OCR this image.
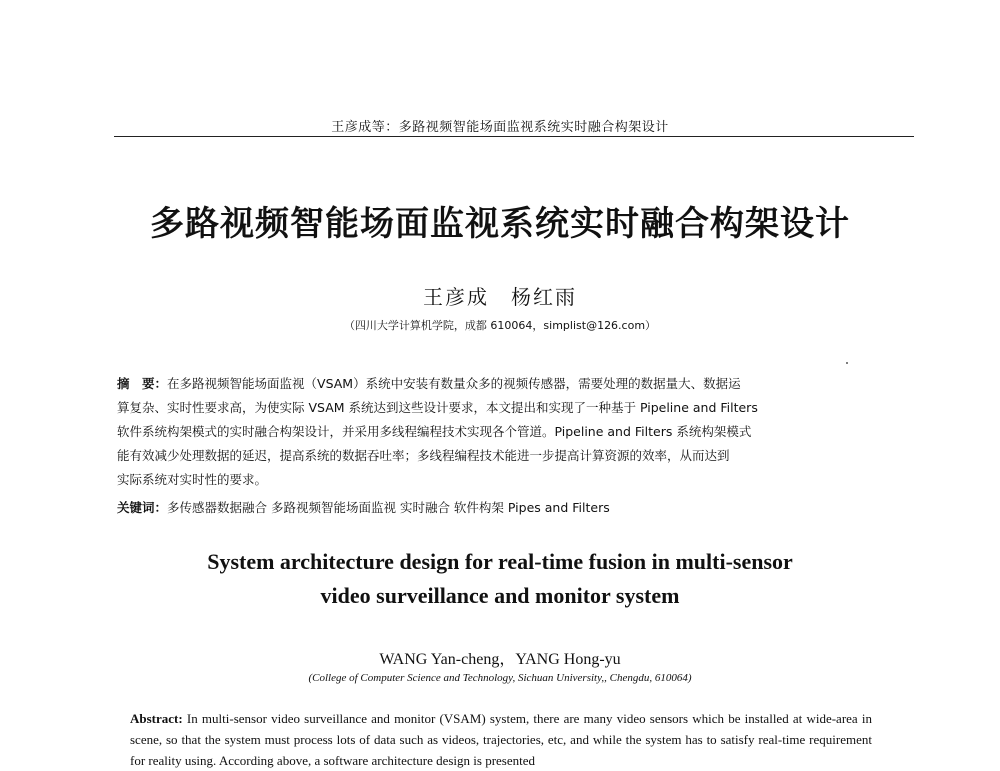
王彦成等：多路视频智能场面监视系统实时融合构架设计
多路视频智能场面监视系统实时融合构架设计
王彦成　杨红雨
（四川大学计算机学院，成都 610064，simplist@126.com）
摘　要：在多路视频智能场面监视（VSAM）系统中安装有数量众多的视频传感器，需要处理的数据量大、数据运
算复杂、实时性要求高，为使实际 VSAM 系统达到这些设计要求，本文提出和实现了一种基于 Pipeline and Filters
软件系统构架模式的实时融合构架设计，并采用多线程编程技术实现各个管道。Pipeline and Filters 系统构架模式
能有效减少处理数据的延迟，提高系统的数据吞吐率；多线程编程技术能进一步提高计算资源的效率，从而达到
实际系统对实时性的要求。
关键词：多传感器数据融合 多路视频智能场面监视 实时融合 软件构架 Pipes and Filters
System architecture design for real-time fusion in multi-sensor
video surveillance and monitor system
WANG Yan-cheng，YANG Hong-yu
(College of Computer Science and Technology, Sichuan University,, Chengdu, 610064)
Abstract: In multi-sensor video surveillance and monitor (VSAM) system, there are many video sensors which be installed at wide-area in scene, so that the system must process lots of data such as videos, trajectories, etc, and while the system has to satisfy real-time requirement for reality using. According above, a software architecture design is presented
